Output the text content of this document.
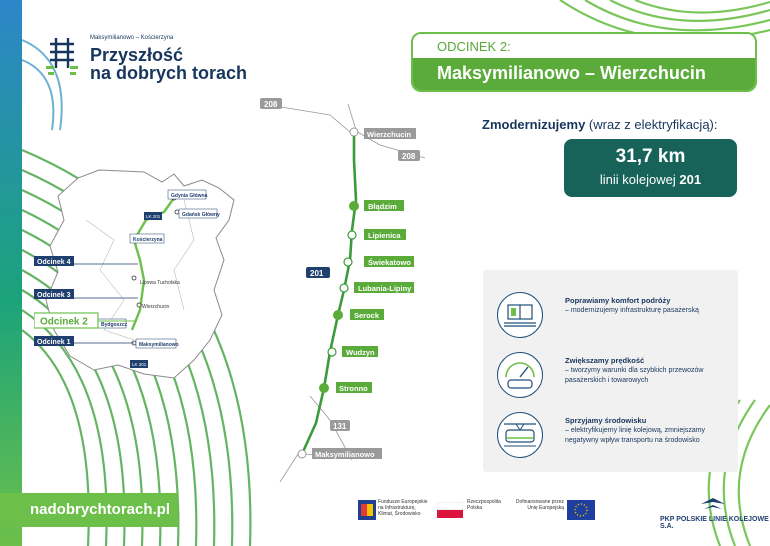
Maksymilianowo – Kościerzyna
Przyszłość
na dobrych torach
Gdynia Główna
Gdańsk Główny
LK 201
Kościerzyna
Lipowa Tucholska
Wierzchucin
Maksymilianowo
Bydgoszcz
LK 201
Odcinek 4
Odcinek 3
Odcinek 2
Odcinek 1
ODCINEK 2:
Maksymilianowo – Wierzchucin
208
208
131
201
Wierzchucin
Błądzim
Lipienica
Świekatowo
Lubania-Lipiny
Serock
Wudzyn
Stronno
Maksymilianowo
Zmodernizujemy (wraz z elektryfikacją):
31,7 km
linii kolejowej 201
Poprawiamy komfort podróży
– modernizujemy infrastrukturę pasażerską
Zwiększamy prędkość
– tworzymy warunki dla szybkich przewozów pasażerskich i towarowych
Sprzyjamy środowisku
– elektryfikujemy linię kolejową, zmniejszamy negatywny wpływ transportu na środowisko
nadobrychtorach.pl	Fundusze Europejskie
na Infrastrukturę,
Klimat, Środowisko
Rzeczpospolita
Polska
Dofinansowane przez
Unię Europejską
PKP POLSKIE LINIE KOLEJOWE S.A.
